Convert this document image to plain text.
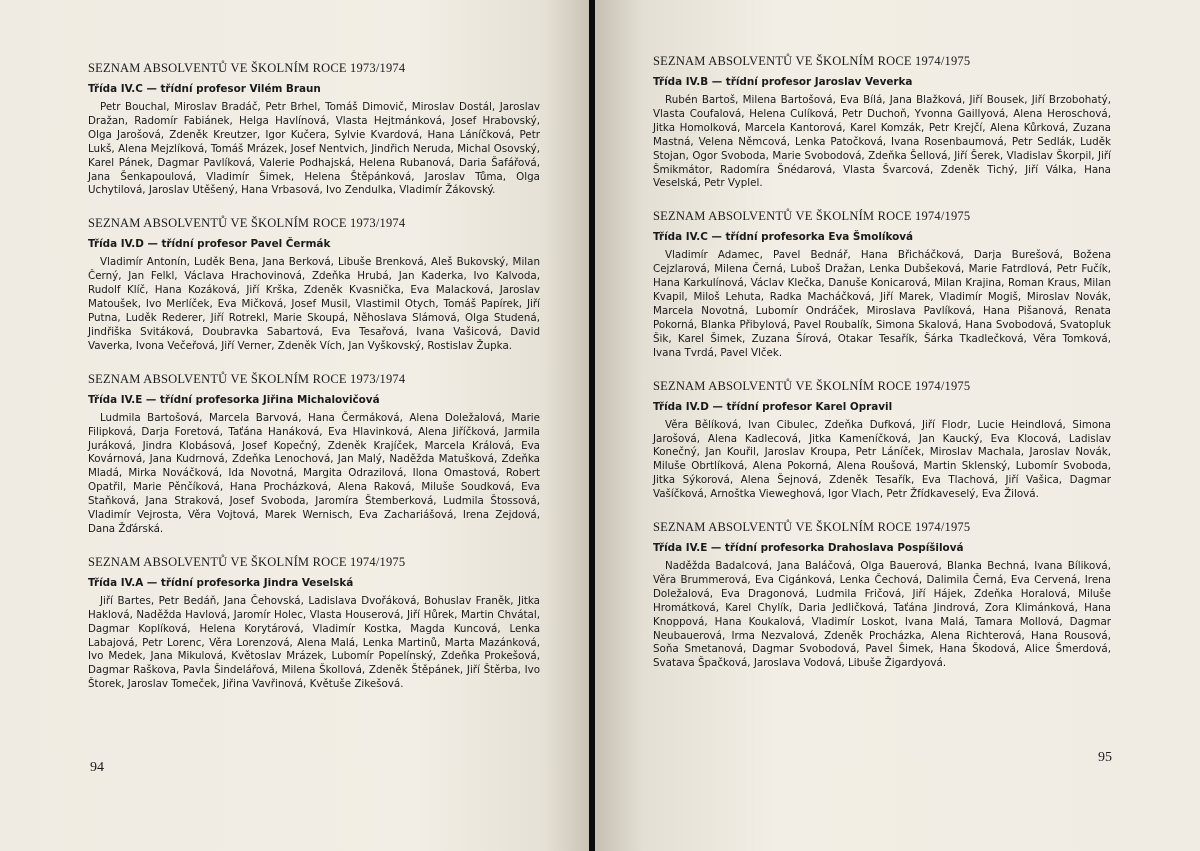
SEZNAM ABSOLVENTŮ VE ŠKOLNÍM ROCE 1973/1974

Třída IV.C — třídní profesor Vilém Braun

Petr Bouchal, Miroslav Bradáč, Petr Brhel, Tomáš Dimovič, Miroslav Dostál, Jaroslav Dražan, Radomír Fabiánek, Helga Havlínová, Vlasta Hejtmánková, Josef Hrabovský, Olga Jarošová, Zdeněk Kreutzer, Igor Kučera, Sylvie Kvardová, Hana Láníčková, Petr Lukš, Alena Mejzlíková, Tomáš Mrázek, Josef Nentvich, Jindřich Neruda, Michal Osovský, Karel Pánek, Dagmar Pavlíková, Valerie Podhajská, Helena Rubanová, Daria Šafářová, Jana Šenkapoulová, Vladimír Šimek, Helena Štěpánková, Jaroslav Tůma, Olga Uchytilová, Jaroslav Utěšený, Hana Vrbasová, Ivo Zendulka, Vladimír Žákovský.

SEZNAM ABSOLVENTŮ VE ŠKOLNÍM ROCE 1973/1974

Třída IV.D — třídní profesor Pavel Čermák

Vladimír Antonín, Luděk Bena, Jana Berková, Libuše Brenková, Aleš Bukovský, Milan Černý, Jan Felkl, Václava Hrachovinová, Zdeňka Hrubá, Jan Kaderka, Ivo Kalvoda, Rudolf Klíč, Hana Kozáková, Jiří Krška, Zdeněk Kvasnička, Eva Malacková, Jaroslav Matoušek, Ivo Merlíček, Eva Mičková, Josef Musil, Vlastimil Otych, Tomáš Papírek, Jiří Putna, Luděk Rederer, Jiří Rotrekl, Marie Skoupá, Něhoslava Slámová, Olga Studená, Jindřiška Svitáková, Doubravka Sabartová, Eva Tesařová, Ivana Vašicová, David Vaverka, Ivona Večeřová, Jiří Verner, Zdeněk Vích, Jan Vyškovský, Rostislav Župka.

SEZNAM ABSOLVENTŮ VE ŠKOLNÍM ROCE 1973/1974

Třída IV.E — třídní profesorka Jiřina Michalovičová

Ludmila Bartošová, Marcela Barvová, Hana Čermáková, Alena Doležalová, Marie Filipková, Darja Foretová, Taťána Hanáková, Eva Hlavinková, Alena Jiříčková, Jarmila Juráková, Jindra Klobásová, Josef Kopečný, Zdeněk Krajíček, Marcela Králová, Eva Kovárnová, Jana Kudrnová, Zdeňka Lenochová, Jan Malý, Naděžda Matušková, Zdeňka Mladá, Mirka Nováčková, Ida Novotná, Margita Odrazilová, Ilona Omastová, Robert Opatřil, Marie Pěnčíková, Hana Procházková, Alena Raková, Miluše Soudková, Eva Staňková, Jana Straková, Josef Svoboda, Jaromíra Štemberková, Ludmila Štossová, Vladimír Vejrosta, Věra Vojtová, Marek Wernisch, Eva Zachariášová, Irena Zejdová, Dana Žďárská.

SEZNAM ABSOLVENTŮ VE ŠKOLNÍM ROCE 1974/1975

Třída IV.A — třídní profesorka Jindra Veselská

Jiří Bartes, Petr Bedáň, Jana Čehovská, Ladislava Dvořáková, Bohuslav Franěk, Jitka Haklová, Naděžda Havlová, Jaromír Holec, Vlasta Houserová, Jiří Hůrek, Martin Chvátal, Dagmar Koplíková, Helena Korytárová, Vladimír Kostka, Magda Kuncová, Lenka Labajová, Petr Lorenc, Věra Lorenzová, Alena Malá, Lenka Martinů, Marta Mazánková, Ivo Medek, Jana Mikulová, Květoslav Mrázek, Lubomír Popelínský, Zdeňka Prokešová, Dagmar Raškova, Pavla Šindelářová, Milena Škollová, Zdeněk Štěpánek, Jiří Štěrba, Ivo Štorek, Jaroslav Tomeček, Jiřina Vavřinová, Květuše Zikešová.

94

SEZNAM ABSOLVENTŮ VE ŠKOLNÍM ROCE 1974/1975

Třída IV.B — třídní profesor Jaroslav Veverka

Rubén Bartoš, Milena Bartošová, Eva Bílá, Jana Blažková, Jiří Bousek, Jiří Brzobohatý, Vlasta Coufalová, Helena Culíková, Petr Duchoň, Yvonna Gaillyová, Alena Heroschová, Jitka Homolková, Marcela Kantorová, Karel Komzák, Petr Krejčí, Alena Kůrková, Zuzana Mastná, Velena Němcová, Lenka Patočková, Ivana Rosenbaumová, Petr Sedlák, Luděk Stojan, Ogor Svoboda, Marie Svobodová, Zdeňka Šellová, Jiří Šerek, Vladislav Škorpil, Jiří Šmikmátor, Radomíra Šnédarová, Vlasta Švarcová, Zdeněk Tichý, Jiří Válka, Hana Veselská, Petr Vyplel.

SEZNAM ABSOLVENTŮ VE ŠKOLNÍM ROCE 1974/1975

Třída IV.C — třídní profesorka Eva Šmolíková

Vladimír Adamec, Pavel Bednář, Hana Břicháčková, Darja Burešová, Božena Cejzlarová, Milena Černá, Luboš Dražan, Lenka Dubšeková, Marie Fatrdlová, Petr Fučík, Hana Karkulínová, Václav Klečka, Danuše Konicarová, Milan Krajina, Roman Kraus, Milan Kvapil, Miloš Lehuta, Radka Macháčková, Jiří Marek, Vladimír Mogiš, Miroslav Novák, Marcela Novotná, Lubomír Ondráček, Miroslava Pavlíková, Hana Pišanová, Renata Pokorná, Blanka Přibylová, Pavel Roubalík, Simona Skalová, Hana Svobodová, Svatopluk Šik, Karel Šimek, Zuzana Šírová, Otakar Tesařík, Šárka Tkadlečková, Věra Tomková, Ivana Tvrdá, Pavel Vlček.

SEZNAM ABSOLVENTŮ VE ŠKOLNÍM ROCE 1974/1975

Třída IV.D — třídní profesor Karel Opravil

Věra Bělíková, Ivan Cibulec, Zdeňka Dufková, Jiří Flodr, Lucie Heindlová, Simona Jarošová, Alena Kadlecová, Jitka Kameníčková, Jan Kaucký, Eva Klocová, Ladislav Konečný, Jan Kouřil, Jaroslav Kroupa, Petr Láníček, Miroslav Machala, Jaroslav Novák, Miluše Obrtlíková, Alena Pokorná, Alena Roušová, Martin Sklenský, Lubomír Svoboda, Jitka Sýkorová, Alena Šejnová, Zdeněk Tesařík, Eva Tlachová, Jiří Vašica, Dagmar Vašíčková, Arnoštka Vieweghová, Igor Vlach, Petr Žfídkaveselý, Eva Žilová.

SEZNAM ABSOLVENTŮ VE ŠKOLNÍM ROCE 1974/1975

Třída IV.E — třídní profesorka Drahoslava Pospíšilová

Naděžda Badalcová, Jana Baláčová, Olga Bauerová, Blanka Bechná, Ivana Bíliková, Věra Brummerová, Eva Cigánková, Lenka Čechová, Dalimila Černá, Eva Cervená, Irena Doležalová, Eva Dragonová, Ludmila Fričová, Jiří Hájek, Zdeňka Horalová, Miluše Hromátková, Karel Chylík, Daria Jedličková, Taťána Jindrová, Zora Klimánková, Hana Knoppová, Hana Koukalová, Vladimír Loskot, Ivana Malá, Tamara Mollová, Dagmar Neubauerová, Irma Nezvalová, Zdeněk Procházka, Alena Richterová, Hana Rousová, Soňa Smetanová, Dagmar Svobodová, Pavel Šimek, Hana Škodová, Alice Šmerdová, Svatava Špačková, Jaroslava Vodová, Libuše Žigardyová.

95
